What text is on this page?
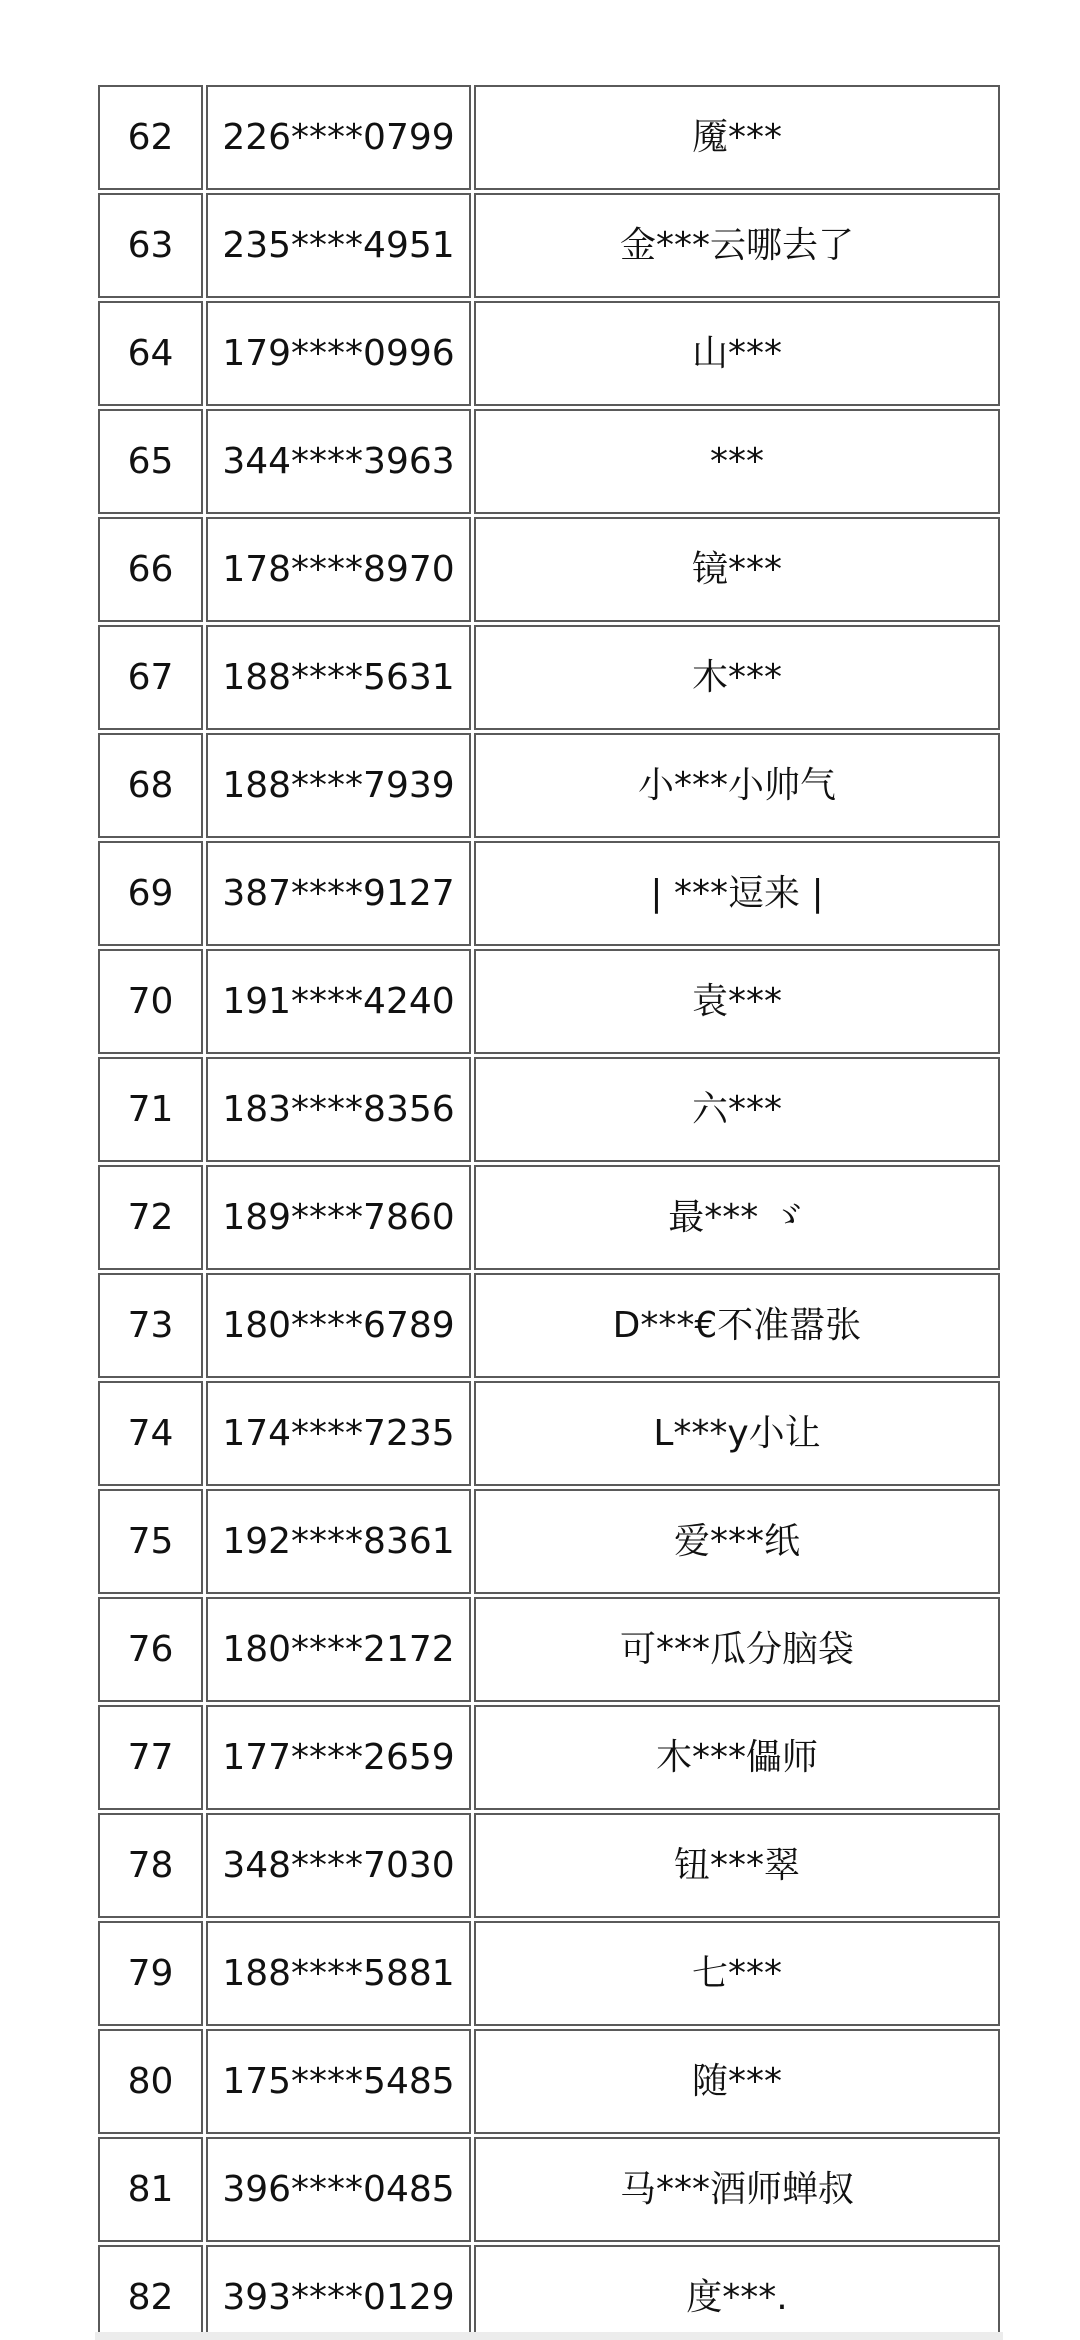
62	226****0799	魇***
63	235****4951	金***云哪去了
64	179****0996	山***
65	344****3963	***
66	178****8970	镜***
67	188****5631	木***
68	188****7939	小***小帅气
69	387****9127	| ***逗来 |
70	191****4240	袁***
71	183****8356	六***
72	189****7860	最*** ゞ
73	180****6789	D***€不准嚣张
74	174****7235	L***y小让
75	192****8361	爱***纸
76	180****2172	可***瓜分脑袋
77	177****2659	木***儡师
78	348****7030	钮***翠
79	188****5881	七***
80	175****5485	随***
81	396****0485	马***酒师蝉叔
82	393****0129	度***.
